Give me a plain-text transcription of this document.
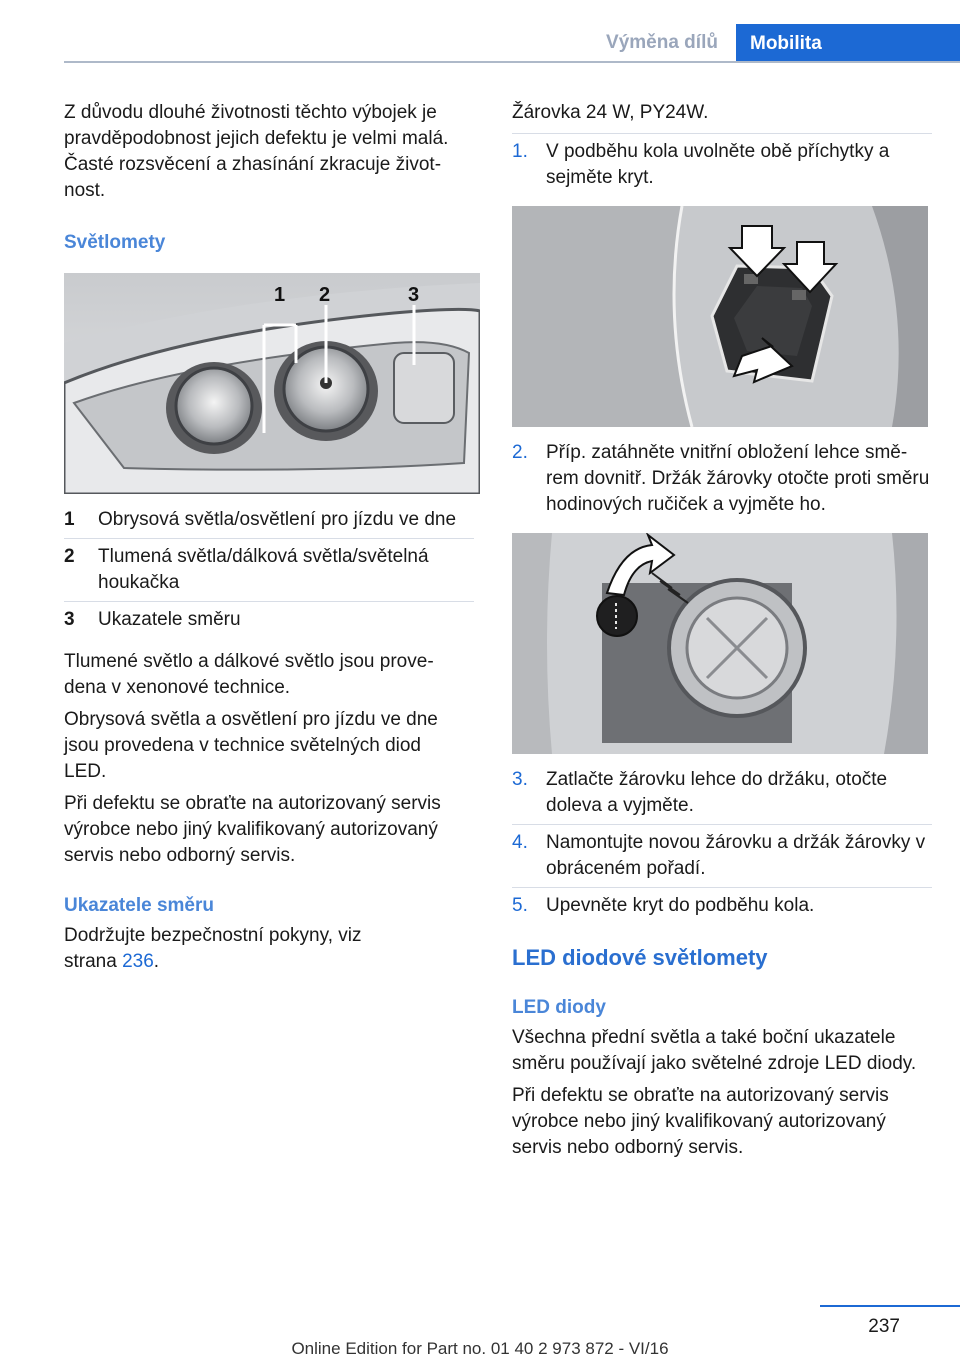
Výměna dílů	Mobilita

Z důvodu dlouhé životnosti těchto výbojek je pravděpodobnost jejich defektu je velmi malá. Časté rozsvěcení a zhasínání zkracuje životnost.

Světlomety

1 2	3
1	Obrysová světla/osvětlení pro jízdu ve dne
2	Tlumená světla/dálková světla/světelná houkačka
3	Ukazatele směru

Tlumené světlo a dálkové světlo jsou provedena v xenonové technice.

Obrysová světla a osvětlení pro jízdu ve dne jsou provedena v technice světelných diod LED.

Při defektu se obraťte na autorizovaný servis výrobce nebo jiný kvalifikovaný autorizovaný servis nebo odborný servis.

Ukazatele směru

Dodržujte bezpečnostní pokyny, viz strana 236.

Žárovka 24 W, PY24W.

1. V podběhu kola uvolněte obě příchytky a sejměte kryt.
2. Příp. zatáhněte vnitřní obložení lehce směrem dovnitř. Držák žárovky otočte proti směru hodinových ručiček a vyjměte ho.
3. Zatlačte žárovku lehce do držáku, otočte doleva a vyjměte.
4. Namontujte novou žárovku a držák žárovky v obráceném pořadí.
5. Upevněte kryt do podběhu kola.

LED diodové světlomety

LED diody

Všechna přední světla a také boční ukazatele směru používají jako světelné zdroje LED diody.

Při defektu se obraťte na autorizovaný servis výrobce nebo jiný kvalifikovaný autorizovaný servis nebo odborný servis.

237
Online Edition for Part no. 01 40 2 973 872 - VI/16
